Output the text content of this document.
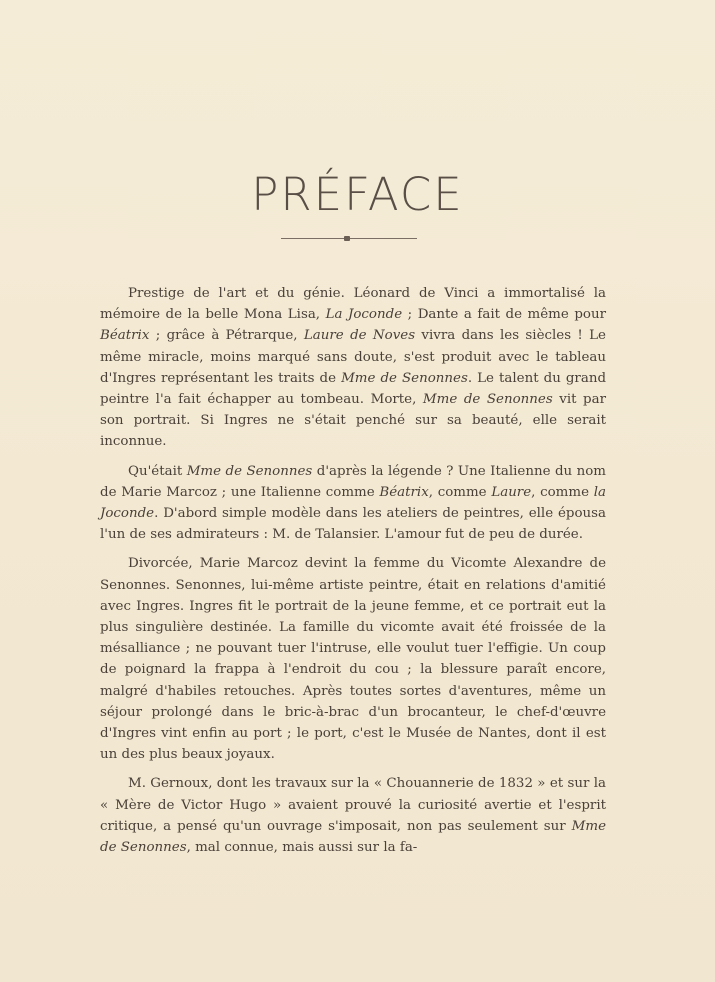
PRÉFACE

Prestige de l'art et du génie. Léonard de Vinci a immortalisé la mémoire de la belle Mona Lisa, La Joconde ; Dante a fait de même pour Béatrix ; grâce à Pétrarque, Laure de Noves vivra dans les siècles ! Le même miracle, moins marqué sans doute, s'est produit avec le tableau d'Ingres représentant les traits de Mme de Senonnes. Le talent du grand peintre l'a fait échapper au tombeau. Morte, Mme de Senonnes vit par son portrait. Si Ingres ne s'était penché sur sa beauté, elle serait inconnue.

Qu'était Mme de Senonnes d'après la légende ? Une Italienne du nom de Marie Marcoz ; une Italienne comme Béatrix, comme Laure, comme la Joconde. D'abord simple modèle dans les ateliers de peintres, elle épousa l'un de ses admirateurs : M. de Talansier. L'amour fut de peu de durée.

Divorcée, Marie Marcoz devint la femme du Vicomte Alexandre de Senonnes. Senonnes, lui-même artiste peintre, était en relations d'amitié avec Ingres. Ingres fit le portrait de la jeune femme, et ce portrait eut la plus singulière destinée. La famille du vicomte avait été froissée de la mésalliance ; ne pouvant tuer l'intruse, elle voulut tuer l'effigie. Un coup de poignard la frappa à l'endroit du cou ; la blessure paraît encore, malgré d'habiles retouches. Après toutes sortes d'aventures, même un séjour prolongé dans le bric-à-brac d'un brocanteur, le chef-d'œuvre d'Ingres vint enfin au port ; le port, c'est le Musée de Nantes, dont il est un des plus beaux joyaux.

M. Gernoux, dont les travaux sur la « Chouannerie de 1832 » et sur la « Mère de Victor Hugo » avaient prouvé la curiosité avertie et l'esprit critique, a pensé qu'un ouvrage s'imposait, non pas seulement sur Mme de Senonnes, mal connue, mais aussi sur la fa-
